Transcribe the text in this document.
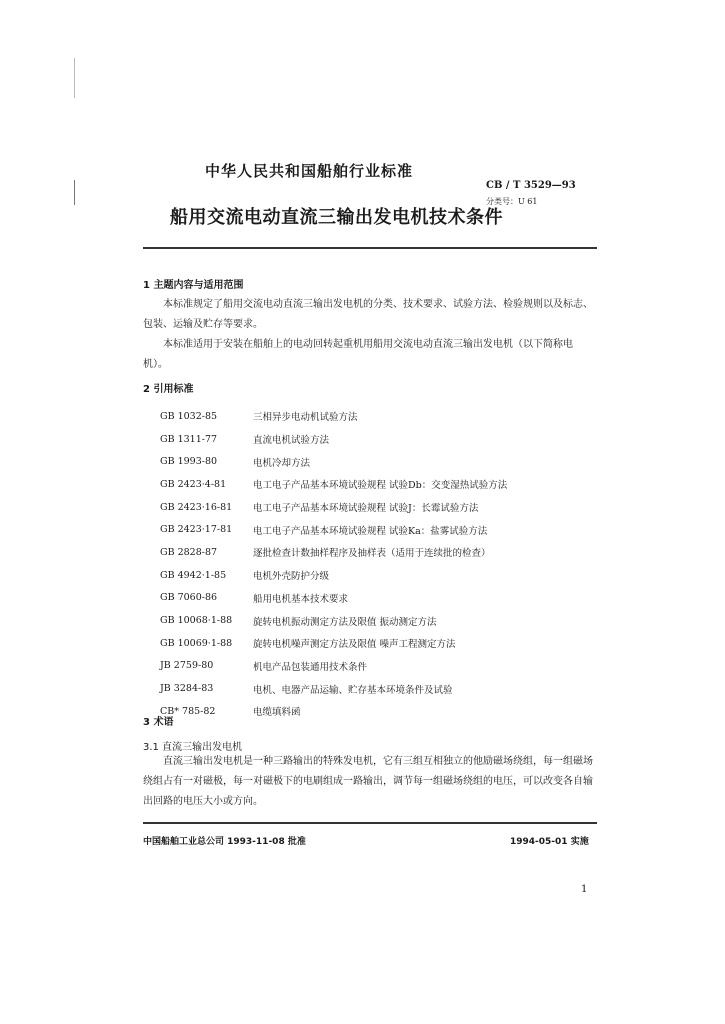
中华人民共和国船舶行业标准
CB / T 3529—93
分类号：U 61
船用交流电动直流三输出发电机技术条件
1 主题内容与适用范围

本标准规定了船用交流电动直流三输出发电机的分类、技术要求、试验方法、检验规则以及标志、包装、运输及贮存等要求。

本标准适用于安装在船舶上的电动回转起重机用船用交流电动直流三输出发电机（以下简称电机）。

2 引用标准
GB 1032-85	三相异步电动机试验方法
GB 1311-77	直流电机试验方法
GB 1993-80	电机冷却方法
GB 2423·4-81	电工电子产品基本环境试验规程 试验Db：交变湿热试验方法
GB 2423·16-81	电工电子产品基本环境试验规程 试验J：长霉试验方法
GB 2423·17-81	电工电子产品基本环境试验规程 试验Ka：盐雾试验方法
GB 2828-87	逐批检查计数抽样程序及抽样表（适用于连续批的检查）
GB 4942·1-85	电机外壳防护分级
GB 7060-86	船用电机基本技术要求
GB 10068·1-88	旋转电机振动测定方法及限值 振动测定方法
GB 10069·1-88	旋转电机噪声测定方法及限值 噪声工程测定方法
JB 2759-80	机电产品包装通用技术条件
JB 3284-83	电机、电器产品运输、贮存基本环境条件及试验
CB* 785-82	电缆填料函
3 术语
3.1 直流三输出发电机

直流三输出发电机是一种三路输出的特殊发电机，它有三组互相独立的他励磁场绕组，每一组磁场绕组占有一对磁极，每一对磁极下的电刷组成一路输出，调节每一组磁场绕组的电压，可以改变各自输出回路的电压大小或方向。

中国船舶工业总公司 1993-11-08 批准	1994-05-01 实施
1
